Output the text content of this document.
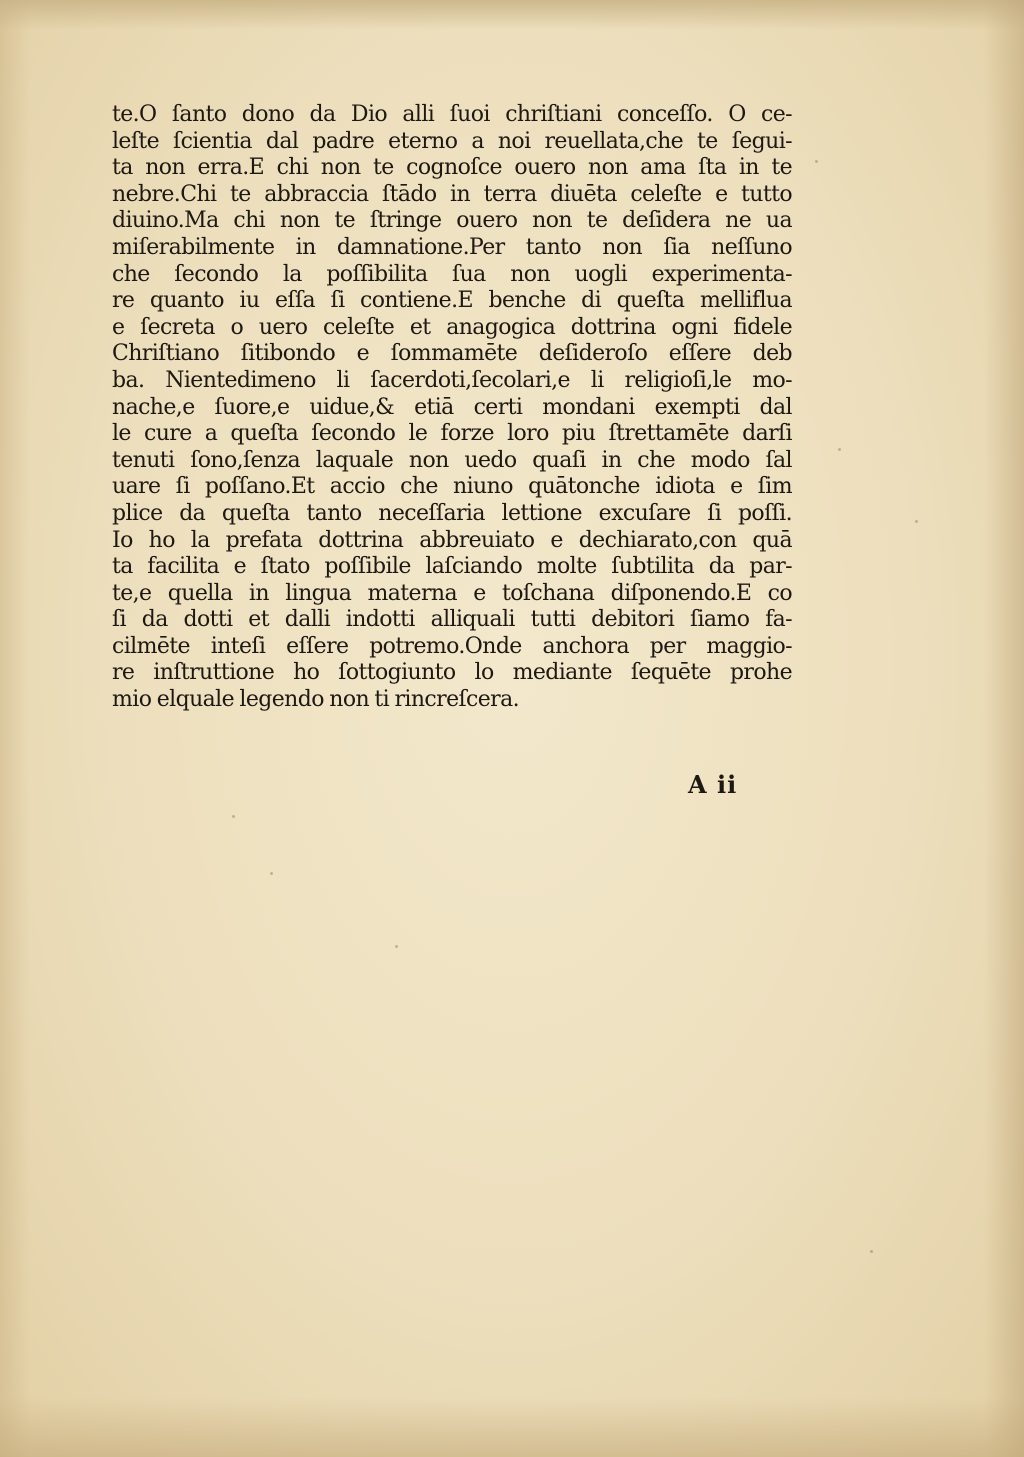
te.O ſanto dono da Dio alli ſuoi chriſtiani conceſſo. O ce-
leſte ſcientia dal padre eterno a noi reuellata,che te ſegui-
ta non erra.E chi non te cognoſce ouero non ama ſta in te
nebre.Chi te abbraccia ſtādo in terra diuēta celeſte e tutto
diuino.Ma chi non te ſtringe ouero non te deſidera ne ua
miſerabilmente in damnatione.Per tanto non ſia neſſuno
che ſecondo la poſſibilita ſua non uogli experimenta-
re quanto iu eſſa ſi contiene.E benche di queſta melliflua
e ſecreta o uero celeſte et anagogica dottrina ogni fidele
Chriſtiano ſitibondo e ſommamēte deſideroſo eſſere deb
ba. Nientedimeno li ſacerdoti,ſecolari,e li religioſi,le mo-
nache,e ſuore,e uidue,& etiā certi mondani exempti dal
le cure a queſta ſecondo le forze loro piu ſtrettamēte darſi
tenuti ſono,ſenza laquale non uedo quaſi in che modo ſal
uare ſi poſſano.Et accio che niuno quātonche idiota e ſim
plice da queſta tanto neceſſaria lettione excuſare ſi poſſi.
Io ho la prefata dottrina abbreuiato e dechiarato,con quā
ta facilita e ſtato poſſibile laſciando molte ſubtilita da par-
te,e quella in lingua materna e toſchana diſponendo.E co
ſi da dotti et dalli indotti alliquali tutti debitori ſiamo fa-
cilmēte inteſi eſſere potremo.Onde anchora per maggio-
re inſtruttione ho ſottogiunto lo mediante ſequēte prohe
mio elquale legendo non ti rincreſcera.
A ii
